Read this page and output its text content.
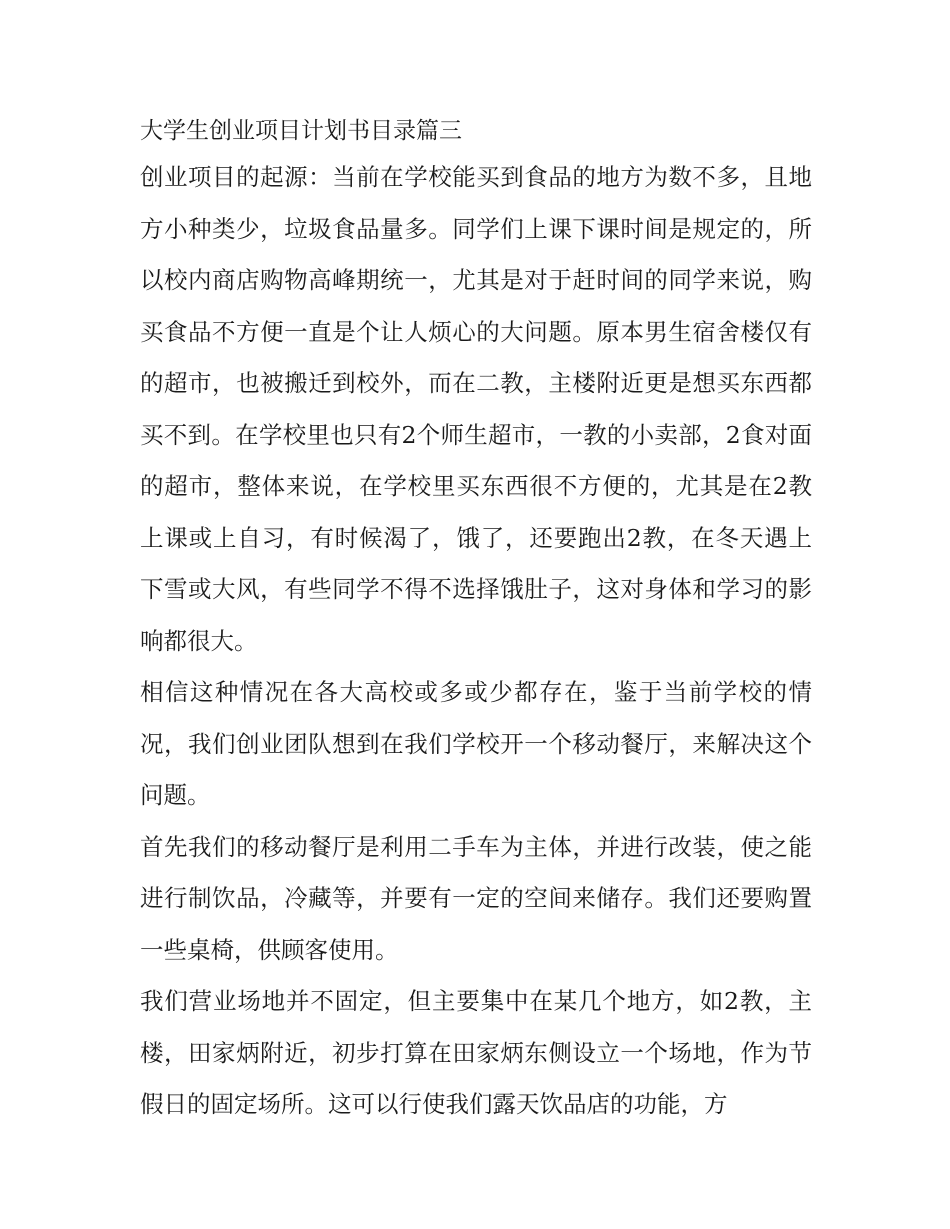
大学生创业项目计划书目录篇三

创业项目的起源：当前在学校能买到食品的地方为数不多，且地方小种类少，垃圾食品量多。同学们上课下课时间是规定的，所以校内商店购物高峰期统一，尤其是对于赶时间的同学来说，购买食品不方便一直是个让人烦心的大问题。原本男生宿舍楼仅有的超市，也被搬迁到校外，而在二教，主楼附近更是想买东西都买不到。在学校里也只有2个师生超市，一教的小卖部，2食对面的超市，整体来说，在学校里买东西很不方便的，尤其是在2教上课或上自习，有时候渴了，饿了，还要跑出2教，在冬天遇上下雪或大风，有些同学不得不选择饿肚子，这对身体和学习的影响都很大。

相信这种情况在各大高校或多或少都存在，鉴于当前学校的情况，我们创业团队想到在我们学校开一个移动餐厅，来解决这个问题。

首先我们的移动餐厅是利用二手车为主体，并进行改装，使之能进行制饮品，冷藏等，并要有一定的空间来储存。我们还要购置一些桌椅，供顾客使用。

我们营业场地并不固定，但主要集中在某几个地方，如2教，主楼，田家炳附近，初步打算在田家炳东侧设立一个场地，作为节假日的固定场所。这可以行使我们露天饮品店的功能，方
